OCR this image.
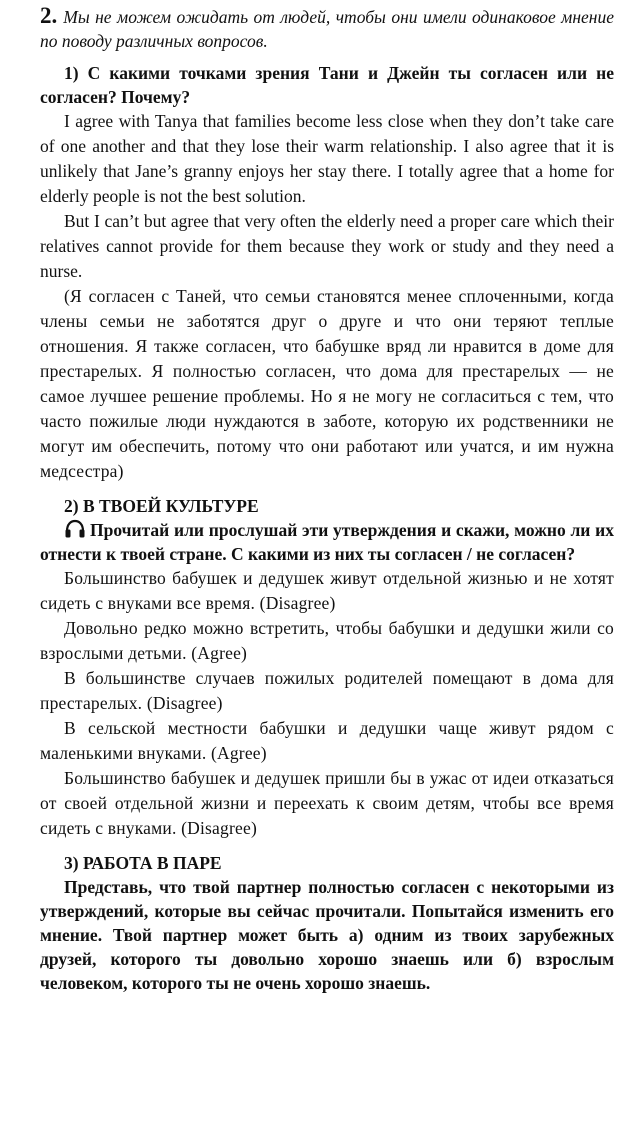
2. Мы не можем ожидать от людей, чтобы они имели одинаковое мнение по поводу различных вопросов.

1) С какими точками зрения Тани и Джейн ты согласен или не согласен? Почему?

I agree with Tanya that families become less close when they don’t take care of one another and that they lose their warm relationship. I also agree that it is unlikely that Jane’s granny enjoys her stay there. I totally agree that a home for elderly people is not the best solution.

But I can’t but agree that very often the elderly need a proper care which their relatives cannot provide for them because they work or study and they need a nurse.

(Я согласен с Таней, что семьи становятся менее сплоченными, когда члены семьи не заботятся друг о друге и что они теряют теплые отношения. Я также согласен, что бабушке вряд ли нравится в доме для престарелых. Я полностью согласен, что дома для престарелых — не самое лучшее решение проблемы. Но я не могу не согласиться с тем, что часто пожилые люди нуждаются в заботе, которую их родственники не могут им обеспечить, потому что они работают или учатся, и им нужна медсестра)

2) В ТВОЕЙ КУЛЬТУРЕ

Прочитай или прослушай эти утверждения и скажи, можно ли их отнести к твоей стране. С какими из них ты согласен / не согласен?

Большинство бабушек и дедушек живут отдельной жизнью и не хотят сидеть с внуками все время. (Disagree)

Довольно редко можно встретить, чтобы бабушки и дедушки жили со взрослыми детьми. (Agree)

В большинстве случаев пожилых родителей помещают в дома для престарелых. (Disagree)

В сельской местности бабушки и дедушки чаще живут рядом с маленькими внуками. (Agree)

Большинство бабушек и дедушек пришли бы в ужас от идеи отказаться от своей отдельной жизни и переехать к своим детям, чтобы все время сидеть с внуками. (Disagree)

3) РАБОТА В ПАРЕ

Представь, что твой партнер полностью согласен с некоторыми из утверждений, которые вы сейчас прочитали. Попытайся изменить его мнение. Твой партнер может быть а) одним из твоих зарубежных друзей, которого ты довольно хорошо знаешь или б) взрослым человеком, которого ты не очень хорошо знаешь.
